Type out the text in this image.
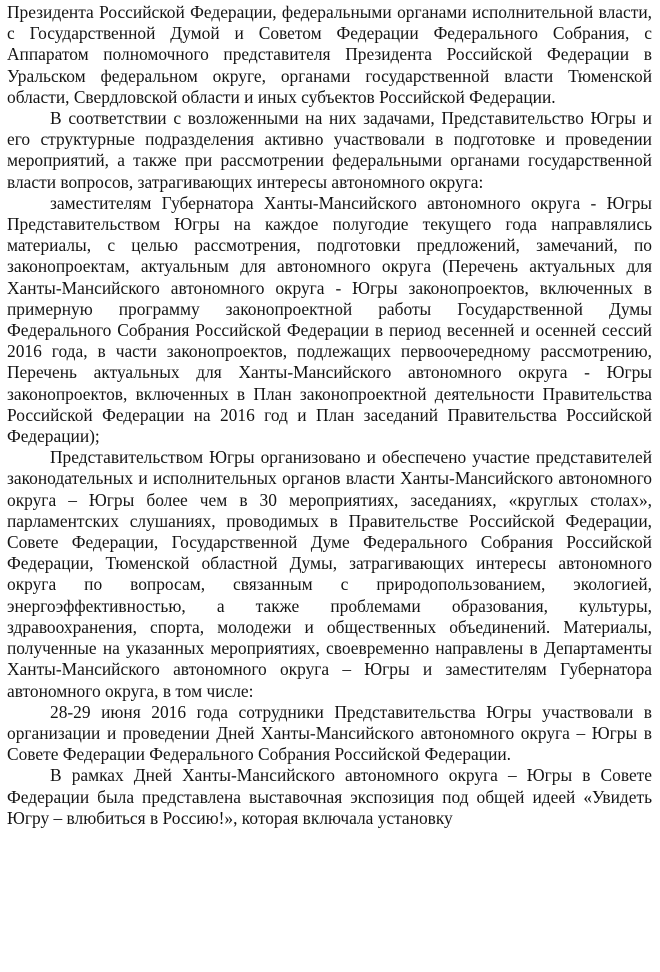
Президента Российской Федерации, федеральными органами исполнительной власти, с Государственной Думой и Советом Федерации Федерального Собрания, с Аппаратом полномочного представителя Президента Российской Федерации в Уральском федеральном округе, органами государственной власти Тюменской области, Свердловской области и иных субъектов Российской Федерации.

В соответствии с возложенными на них задачами, Представительство Югры и его структурные подразделения активно участвовали в подготовке и проведении мероприятий, а также при рассмотрении федеральными органами государственной власти вопросов, затрагивающих интересы автономного округа:

заместителям Губернатора Ханты-Мансийского автономного округа - Югры Представительством Югры на каждое полугодие текущего года направлялись материалы, с целью рассмотрения, подготовки предложений, замечаний, по законопроектам, актуальным для автономного округа (Перечень актуальных для Ханты-Мансийского автономного округа - Югры законопроектов, включенных в примерную программу законопроектной работы Государственной Думы Федерального Собрания Российской Федерации в период весенней и осенней сессий 2016 года, в части законопроектов, подлежащих первоочередному рассмотрению, Перечень актуальных для Ханты-Мансийского автономного округа - Югры законопроектов, включенных в План законопроектной деятельности Правительства Российской Федерации на 2016 год и План заседаний Правительства Российской Федерации);

Представительством Югры организовано и обеспечено участие представителей законодательных и исполнительных органов власти Ханты-Мансийского автономного округа – Югры более чем в 30 мероприятиях, заседаниях, «круглых столах», парламентских слушаниях, проводимых в Правительстве Российской Федерации, Совете Федерации, Государственной Думе Федерального Собрания Российской Федерации, Тюменской областной Думы, затрагивающих интересы автономного округа по вопросам, связанным с природопользованием, экологией, энергоэффективностью, а также проблемами образования, культуры, здравоохранения, спорта, молодежи и общественных объединений. Материалы, полученные на указанных мероприятиях, своевременно направлены в Департаменты Ханты-Мансийского автономного округа – Югры и заместителям Губернатора автономного округа, в том числе:

28-29 июня 2016 года сотрудники Представительства Югры участвовали в организации и проведении Дней Ханты-Мансийского автономного округа – Югры в Совете Федерации Федерального Собрания Российской Федерации.

В рамках Дней Ханты-Мансийского автономного округа – Югры в Совете Федерации была представлена выставочная экспозиция под общей идеей «Увидеть Югру – влюбиться в Россию!», которая включала установку
